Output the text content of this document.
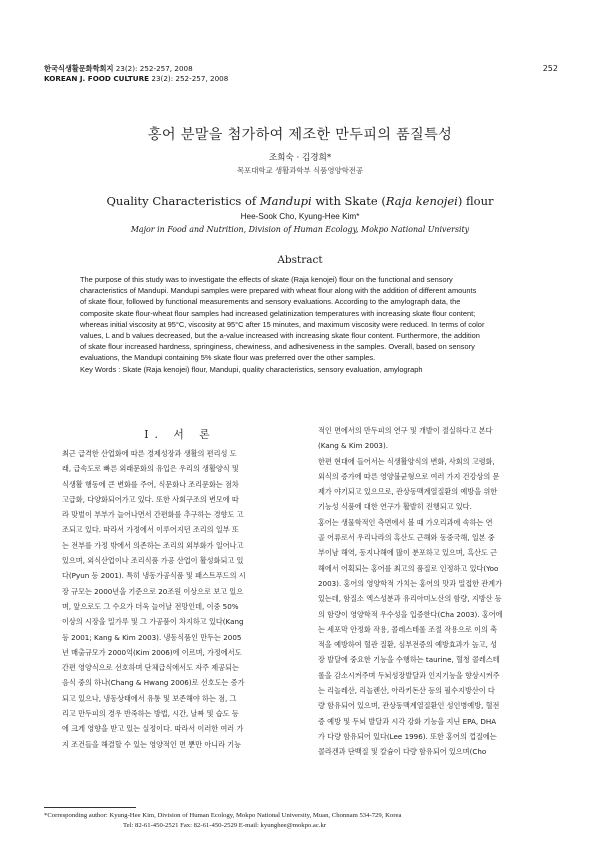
한국식생활문화학회지 23(2): 252-257, 2008
KOREAN J. FOOD CULTURE 23(2): 252-257, 2008
252
홍어 분말을 첨가하여 제조한 만두피의 품질특성
조희숙 · 김경희*
목포대학교 생활과학부 식품영양학전공
Quality Characteristics of Mandupi with Skate (Raja kenojei) flour
Hee-Sook Cho, Kyung-Hee Kim*
Major in Food and Nutrition, Division of Human Ecology, Mokpo National University
Abstract
The purpose of this study was to investigate the effects of skate (Raja kenojei) flour on the functional and sensory
characteristics of Mandupi. Mandupi samples were prepared with wheat flour along with the addition of different amounts
of skate flour, followed by functional measurements and sensory evaluations. According to the amylograph data, the
composite skate flour-wheat flour samples had increased gelatinization temperatures with increasing skate flour content;
whereas initial viscosity at 95°C, viscosity at 95°C after 15 minutes, and maximum viscosity were reduced. In terms of color
values, L and b values decreased, but the a-value increased with increasing skate flour content. Furthermore, the addition
of skate flour increased hardness, springiness, chewiness, and adhesiveness in the samples. Overall, based on sensory
evaluations, the Mandupi containing 5% skate flour was preferred over the other samples.
Key Words : Skate (Raja kenojei) flour, Mandupi, quality characteristics, sensory evaluation, amylograph
I. 서 론
최근 급격한 산업화에 따른 경제성장과 생활의 편리성 도
래, 급속도로 빠른 외래문화의 유입은 우리의 생활양식 및
식생활 행동에 큰 변화를 주어, 식문화나 조리문화는 점차
고급화, 다양화되어가고 있다. 또한 사회구조의 변모에 따
라 맞벌이 부부가 늘어나면서 간편화를 추구하는 경향도 고
조되고 있다. 따라서 가정에서 이루어지던 조리의 일부 또
는 전부를 가정 밖에서 의존하는 조리의 외부화가 일어나고
있으며, 외식산업이나 조리식품 가공 산업이 활성화되고 있
다(Pyun 등 2001). 특히 냉동가공식품 및 패스트푸드의 시
장 규모는 2000년을 기준으로 20조원 이상으로 보고 있으
며, 앞으로도 그 수요가 더욱 늘어날 전망인데, 이중 50%
이상의 시장을 밀가루 및 그 가공품이 차지하고 있다(Kang
등 2001; Kang & Kim 2003). 냉동식품인 만두는 2005
년 매출규모가 2000억(Kim 2006)에 이르며, 가정에서도
간편 영양식으로 선호하며 단체급식에서도 자주 제공되는
음식 중의 하나(Chang & Hwang 2006)로 선호도는 증가
되고 있으나, 냉동상태에서 유통 및 보존해야 하는 점, 그
리고 만두피의 경우 반죽하는 방법, 시간, 날짜 및 습도 등
에 크게 영향을 받고 있는 실정이다. 따라서 이러한 여러 가
지 조건들을 해결할 수 있는 영양적인 면 뿐만 아니라 기능
적인 면에서의 만두피의 연구 및 개발이 절실하다고 본다
(Kang & Kim 2003).
한편 현대에 들어서는 식생활양식의 변화, 사회의 고령화,
외식의 증가에 따른 영양불균형으로 여러 가지 건강상의 문
제가 야기되고 있으므로, 관상동맥계열질환의 예방을 위한
기능성 식품에 대한 연구가 활발히 진행되고 있다.
홍어는 생물학적인 측면에서 볼 때 가오리과에 속하는 연
골 어류로서 우리나라의 흑산도 근해와 동중국해, 일본 중
부이남 해역, 동지나해에 많이 분포하고 있으며, 흑산도 근
해에서 어획되는 홍어를 최고의 품질로 인정하고 있다(Yoo
2003). 홍어의 영양학적 가치는 홍어의 맛과 밀접한 관계가
있는데, 함질소 엑스성분과 유리아미노산의 함량, 지방산 등
의 함량이 영양학적 우수성을 입증한다(Cha 2003). 홍어에
는 세포막 안정화 작용, 콜레스테롤 조절 작용으로 이의 축
적을 예방하여 혈관 질환, 심부전증의 예방효과가 높고, 성
장 발달에 중요한 기능을 수행하는 taurine, 혈청 콜레스테
롤을 감소시켜주며 두뇌성장발달과 인지기능을 향상시켜주
는 리놀레산, 리놀렌산, 아라키돈산 등의 필수지방산이 다
량 함유되어 있으며, 관상동맥계열질환인 성인병예방, 혈전
증 예방 및 두뇌 발달과 시각 강화 기능을 지닌 EPA, DHA
가 다량 함유되어 있다(Lee 1996). 또한 홍어의 껍질에는
콜라겐과 단백질 및 칼슘이 다량 함유되어 있으며(Cho
*Corresponding author: Kyung-Hee Kim, Division of Human Ecology, Mokpo National University, Muan, Chonnam 534-729, Korea
Tel: 82-61-450-2521 Fax: 82-61-450-2529 E-mail: kyunghee@mokpo.ac.kr
